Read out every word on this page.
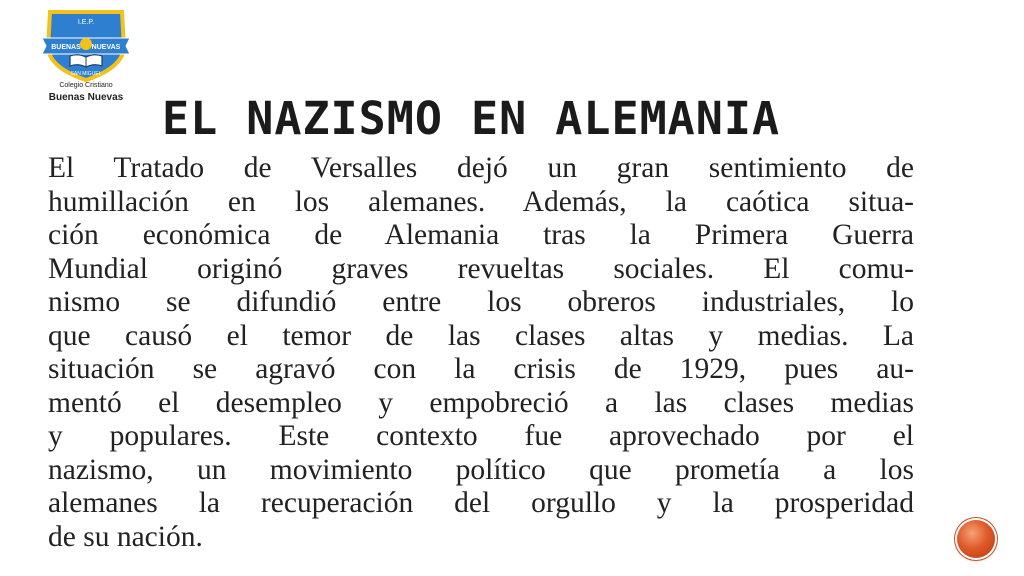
I.E.P.
BUENAS NUEVAS
SAN MIGUEL
Colegio Cristiano
Buenas Nuevas EL NAZISMO EN ALEMANIA
El Tratado de Versalles dejó un gran sentimiento de
humillación en los alemanes. Además, la caótica situa-
ción económica de Alemania tras la Primera Guerra
Mundial originó graves revueltas sociales. El comu-
nismo se difundió entre los obreros industriales, lo
que causó el temor de las clases altas y medias. La
situación se agravó con la crisis de 1929, pues au-
mentó el desempleo y empobreció a las clases medias
y populares. Este contexto fue aprovechado por el
nazismo, un movimiento político que prometía a los
alemanes la recuperación del orgullo y la prosperidad
de su nación.
